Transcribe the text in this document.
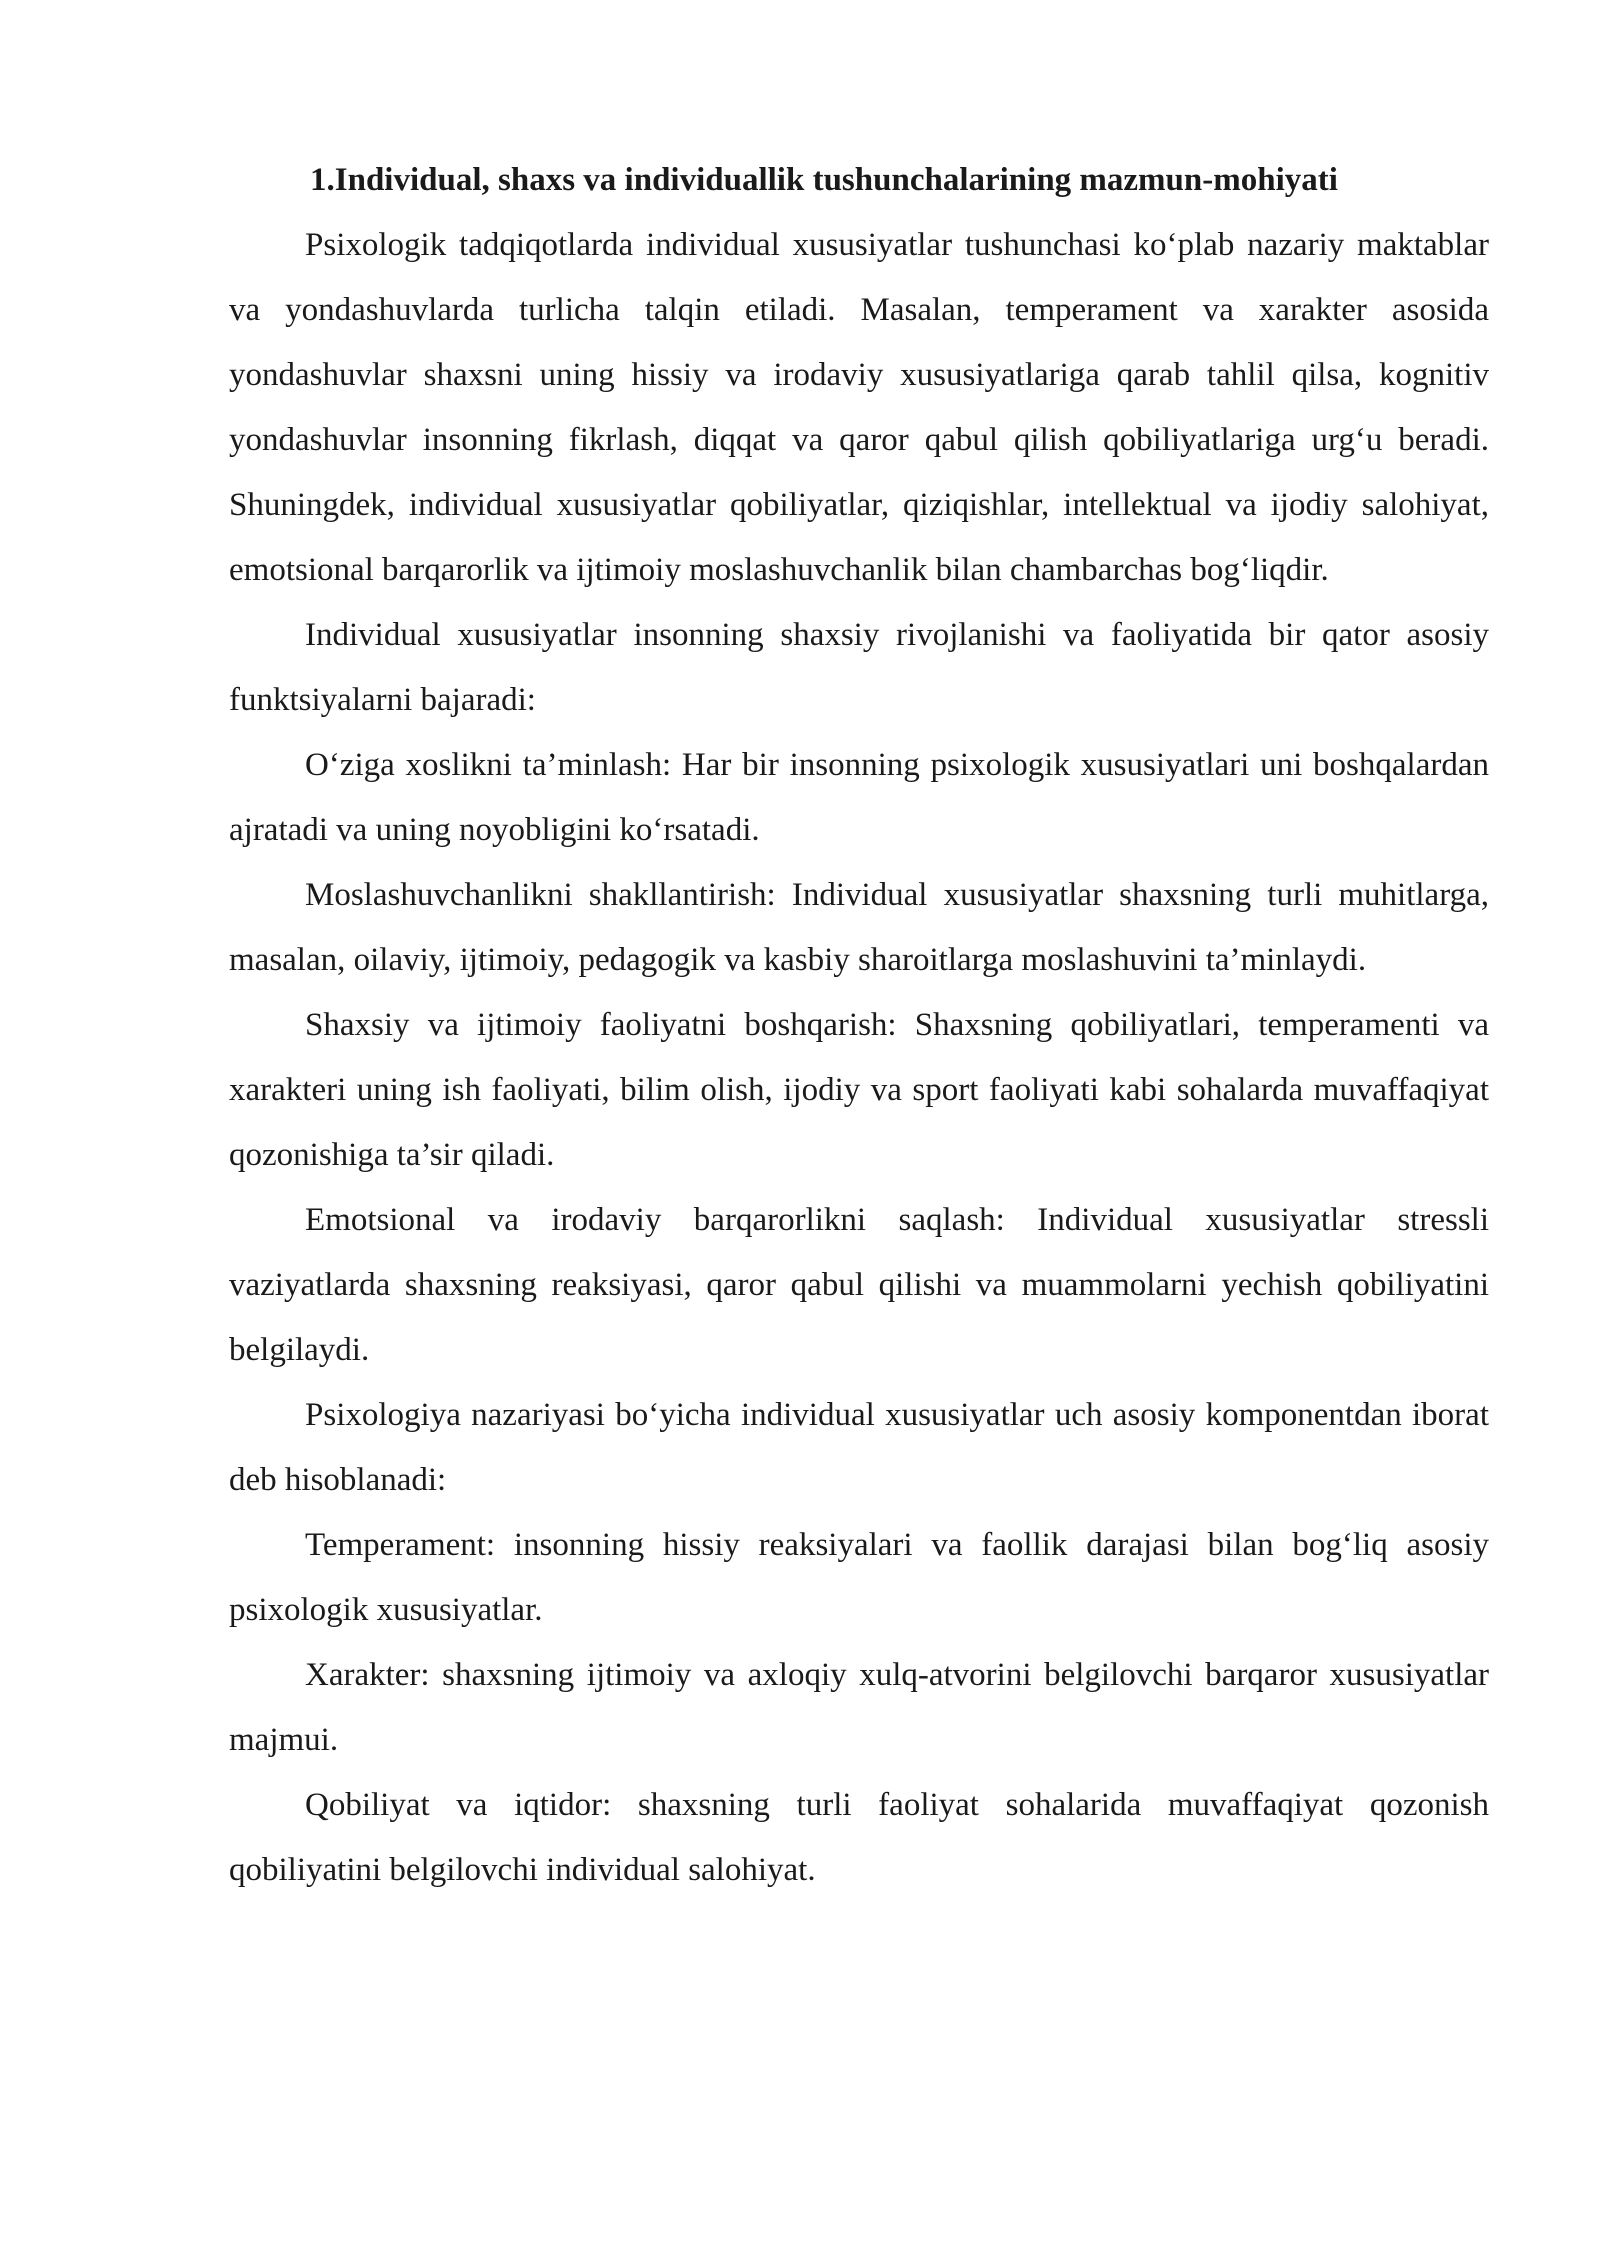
1.Individual, shaxs va individuallik tushunchalarining mazmun-mohiyati

Psixologik tadqiqotlarda individual xususiyatlar tushunchasi ko‘plab nazariy maktablar va yondashuvlarda turlicha talqin etiladi. Masalan, temperament va xarakter asosida yondashuvlar shaxsni uning hissiy va irodaviy xususiyatlariga qarab tahlil qilsa, kognitiv yondashuvlar insonning fikrlash, diqqat va qaror qabul qilish qobiliyatlariga urg‘u beradi. Shuningdek, individual xususiyatlar qobiliyatlar, qiziqishlar, intellektual va ijodiy salohiyat, emotsional barqarorlik va ijtimoiy moslashuvchanlik bilan chambarchas bog‘liqdir.

Individual xususiyatlar insonning shaxsiy rivojlanishi va faoliyatida bir qator asosiy funktsiyalarni bajaradi:

O‘ziga xoslikni ta’minlash: Har bir insonning psixologik xususiyatlari uni boshqalardan ajratadi va uning noyobligini ko‘rsatadi.

Moslashuvchanlikni shakllantirish: Individual xususiyatlar shaxsning turli muhitlarga, masalan, oilaviy, ijtimoiy, pedagogik va kasbiy sharoitlarga moslashuvini ta’minlaydi.

Shaxsiy va ijtimoiy faoliyatni boshqarish: Shaxsning qobiliyatlari, temperamenti va xarakteri uning ish faoliyati, bilim olish, ijodiy va sport faoliyati kabi sohalarda muvaffaqiyat qozonishiga ta’sir qiladi.

Emotsional va irodaviy barqarorlikni saqlash: Individual xususiyatlar stressli vaziyatlarda shaxsning reaksiyasi, qaror qabul qilishi va muammolarni yechish qobiliyatini belgilaydi.

Psixologiya nazariyasi bo‘yicha individual xususiyatlar uch asosiy komponentdan iborat deb hisoblanadi:

Temperament: insonning hissiy reaksiyalari va faollik darajasi bilan bog‘liq asosiy psixologik xususiyatlar.

Xarakter: shaxsning ijtimoiy va axloqiy xulq-atvorini belgilovchi barqaror xususiyatlar majmui.

Qobiliyat va iqtidor: shaxsning turli faoliyat sohalarida muvaffaqiyat qozonish qobiliyatini belgilovchi individual salohiyat.
